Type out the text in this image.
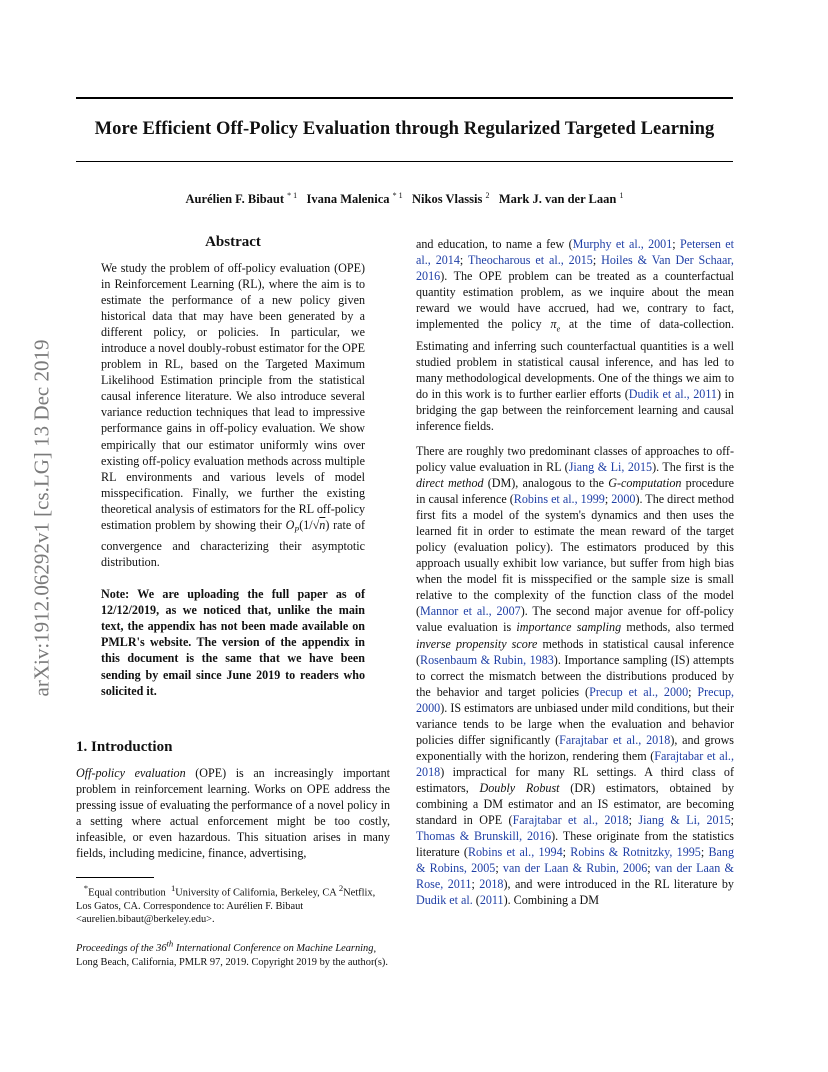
More Efficient Off-Policy Evaluation through Regularized Targeted Learning
Aurélien F. Bibaut $^{* 1}$ Ivana Malenica $^{* 1}$ Nikos Vlassis $^2$ Mark J. van der Laan $^1$
arXiv:1912.06292v1 [cs.LG] 13 Dec 2019
Abstract
We study the problem of off-policy evaluation (OPE) in Reinforcement Learning (RL), where the aim is to estimate the performance of a new policy given historical data that may have been generated by a different policy, or policies. In particular, we introduce a novel doubly-robust estimator for the OPE problem in RL, based on the Targeted Maximum Likelihood Estimation principle from the statistical causal inference literature. We also introduce several variance reduction techniques that lead to impressive performance gains in off-policy evaluation. We show empirically that our estimator uniformly wins over existing off-policy evaluation methods across multiple RL environments and various levels of model misspecification. Finally, we further the existing theoretical analysis of estimators for the RL off-policy estimation problem by showing their $O_P(1/√n)$ rate of convergence and characterizing their asymptotic distribution.
Note: We are uploading the full paper as of 12/12/2019, as we noticed that, unlike the main text, the appendix has not been made available on PMLR's website. The version of the appendix in this document is the same that we have been sending by email since June 2019 to readers who solicited it.
1. Introduction

Off-policy evaluation (OPE) is an increasingly important problem in reinforcement learning. Works on OPE address the pressing issue of evaluating the performance of a novel policy in a setting where actual enforcement might be too costly, infeasible, or even hazardous. This situation arises in many fields, including medicine, finance, advertising,

*Equal contribution  $^1$University of California, Berkeley, CA $^2$Netflix, Los Gatos, CA. Correspondence to: Aurélien F. Bibaut <aurelien.bibaut@berkeley.edu>.

Proceedings of the 36th International Conference on Machine Learning, Long Beach, California, PMLR 97, 2019. Copyright 2019 by the author(s).

and education, to name a few (Murphy et al., 2001; Petersen et al., 2014; Theocharous et al., 2015; Hoiles & Van Der Schaar, 2016). The OPE problem can be treated as a counterfactual quantity estimation problem, as we inquire about the mean reward we would have accrued, had we, contrary to fact, implemented the policy $\pi_e$ at the time of data-collection. Estimating and inferring such counterfactual quantities is a well studied problem in statistical causal inference, and has led to many methodological developments. One of the things we aim to do in this work is to further earlier efforts (Dudik et al., 2011) in bridging the gap between the reinforcement learning and causal inference fields.

There are roughly two predominant classes of approaches to off-policy value evaluation in RL (Jiang & Li, 2015). The first is the direct method (DM), analogous to the G-computation procedure in causal inference (Robins et al., 1999; 2000). The direct method first fits a model of the system's dynamics and then uses the learned fit in order to estimate the mean reward of the target policy (evaluation policy). The estimators produced by this approach usually exhibit low variance, but suffer from high bias when the model fit is misspecified or the sample size is small relative to the complexity of the function class of the model (Mannor et al., 2007). The second major avenue for off-policy value evaluation is importance sampling methods, also termed inverse propensity score methods in statistical causal inference (Rosenbaum & Rubin, 1983). Importance sampling (IS) attempts to correct the mismatch between the distributions produced by the behavior and target policies (Precup et al., 2000; Precup, 2000). IS estimators are unbiased under mild conditions, but their variance tends to be large when the evaluation and behavior policies differ significantly (Farajtabar et al., 2018), and grows exponentially with the horizon, rendering them (Farajtabar et al., 2018) impractical for many RL settings. A third class of estimators, Doubly Robust (DR) estimators, obtained by combining a DM estimator and an IS estimator, are becoming standard in OPE (Farajtabar et al., 2018; Jiang & Li, 2015; Thomas & Brunskill, 2016). These originate from the statistics literature (Robins et al., 1994; Robins & Rotnitzky, 1995; Bang & Robins, 2005; van der Laan & Rubin, 2006; van der Laan & Rose, 2011; 2018), and were introduced in the RL literature by Dudik et al. (2011). Combining a DM
